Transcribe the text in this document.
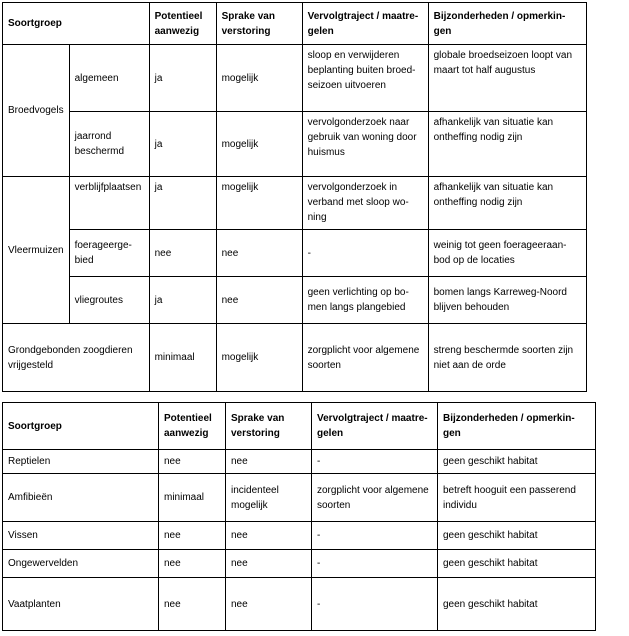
Soortgroep		Potentieel
aanwezig	Sprake van
verstoring	Vervolgtraject / maatre-
gelen	Bijzonderheden / opmerkin-
gen
Broedvogels	algemeen	ja	mogelijk	sloop en verwijderen
beplanting buiten broed-
seizoen uitvoeren	globale broedseizoen loopt van
maart tot half augustus
	jaarrond
beschermd	ja	mogelijk	vervolgonderzoek naar
gebruik van woning door
huismus	afhankelijk van situatie kan
ontheffing nodig zijn
Vleermuizen	verblijfplaatsen	ja	mogelijk	vervolgonderzoek in
verband met sloop wo-
ning	afhankelijk van situatie kan
ontheffing nodig zijn
	foerageerge-
bied	nee	nee	-	weinig tot geen foerageeraan-
bod op de locaties
	vliegroutes	ja	nee	geen verlichting op bo-
men langs plangebied	bomen langs Karreweg-Noord
blijven behouden
Grondgebonden zoogdieren
vrijgesteld		minimaal	mogelijk	zorgplicht voor algemene
soorten	streng beschermde soorten zijn
niet aan de orde
Soortgroep	Potentieel
aanwezig	Sprake van
verstoring	Vervolgtraject / maatre-
gelen	Bijzonderheden / opmerkin-
gen
Reptielen	nee	nee	-	geen geschikt habitat
Amfibieën	minimaal	incidenteel
mogelijk	zorgplicht voor algemene
soorten	betreft hooguit een passerend
individu
Vissen	nee	nee	-	geen geschikt habitat
Ongewervelden	nee	nee	-	geen geschikt habitat
Vaatplanten	nee	nee	-	geen geschikt habitat
